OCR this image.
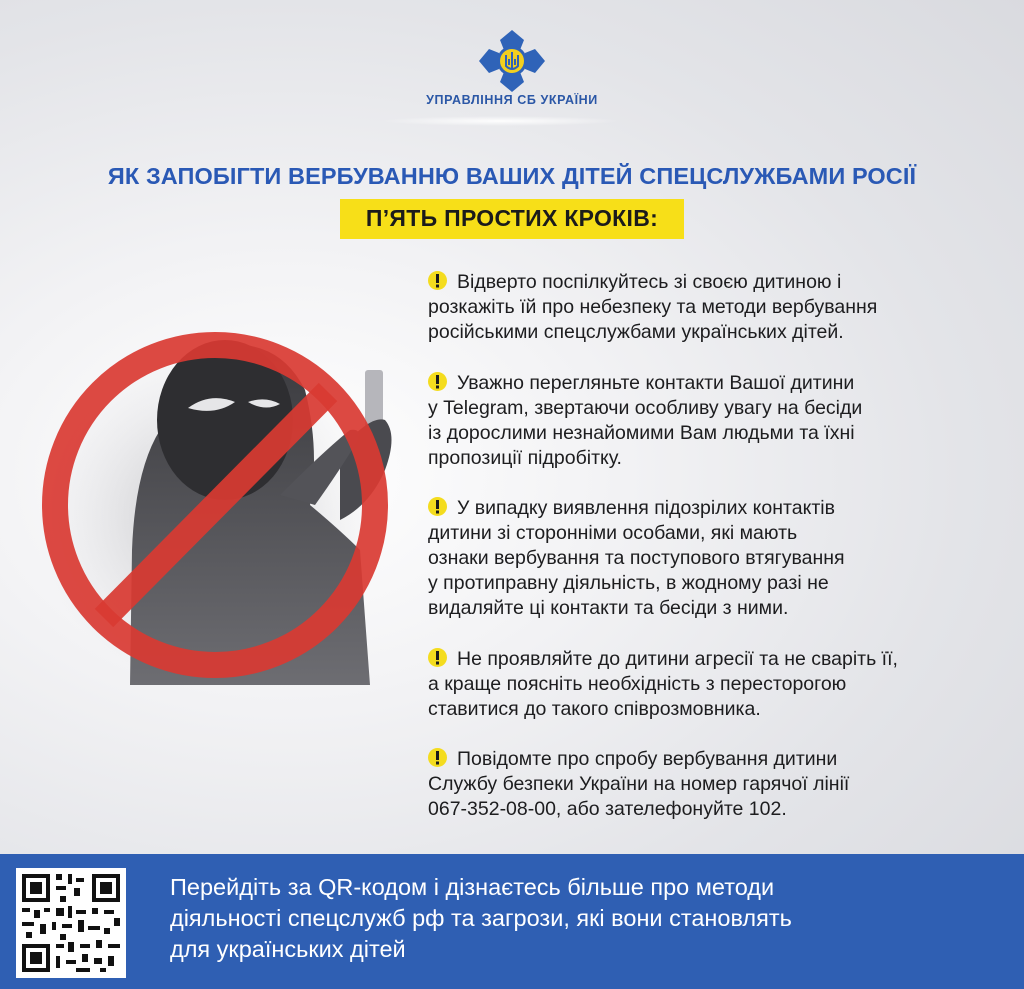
УПРАВЛІННЯ СБ УКРАЇНИ
ЯК ЗАПОБІГТИ ВЕРБУВАННЮ ВАШИХ ДІТЕЙ СПЕЦСЛУЖБАМИ РОСІЇ
П’ЯТЬ ПРОСТИХ КРОКІВ:
Відверто поспілкуйтесь зі своєю дитиною і
розкажіть їй про небезпеку та методи вербування
російськими спецслужбами українських дітей.
Уважно перегляньте контакти Вашої дитини
у Telegram, звертаючи особливу увагу на бесіди
із дорослими незнайомими Вам людьми та їхні
пропозиції підробітку.
У випадку виявлення підозрілих контактів
дитини зі сторонніми особами, які мають
ознаки вербування та поступового втягування
у протиправну діяльність, в жодному разі не
видаляйте ці контакти та бесіди з ними.
Не проявляйте до дитини агресії та не сваріть її,
а краще поясніть необхідність з пересторогою
ставитися до такого співрозмовника.
Повідомте про спробу вербування дитини
Службу безпеки України на номер гарячої лінії
067-352-08-00, або зателефонуйте 102.
Перейдіть за QR-кодом і дізнаєтесь більше про методи
діяльності спецслужб рф та загрози, які вони становлять
для українських дітей
